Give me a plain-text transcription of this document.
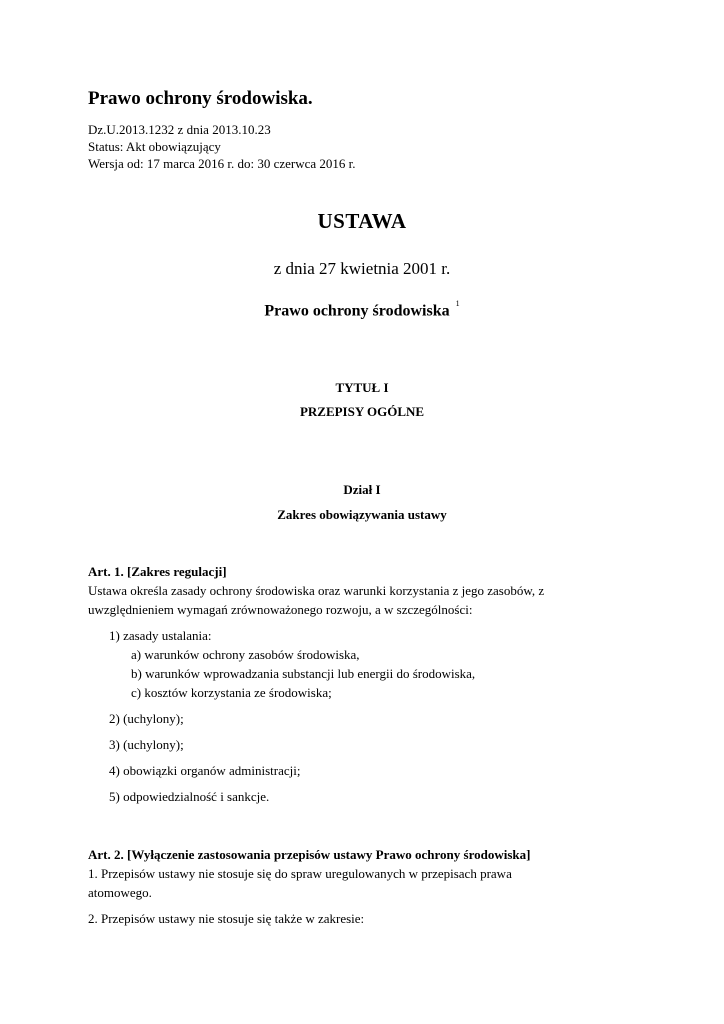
Prawo ochrony środowiska.
Dz.U.2013.1232 z dnia 2013.10.23
Status: Akt obowiązujący
Wersja od: 17 marca 2016 r. do: 30 czerwca 2016 r.
USTAWA
z dnia 27 kwietnia 2001 r.
Prawo ochrony środowiska $^1$
TYTUŁ I
PRZEPISY OGÓLNE
Dział I
Zakres obowiązywania ustawy
Art. 1. [Zakres regulacji]
Ustawa określa zasady ochrony środowiska oraz warunki korzystania z jego zasobów, z
uwzględnieniem wymagań zrównoważonego rozwoju, a w szczególności:
1) zasady ustalania:
a) warunków ochrony zasobów środowiska,
b) warunków wprowadzania substancji lub energii do środowiska,
c) kosztów korzystania ze środowiska;
2) (uchylony);
3) (uchylony);
4) obowiązki organów administracji;
5) odpowiedzialność i sankcje.
Art. 2. [Wyłączenie zastosowania przepisów ustawy Prawo ochrony środowiska]
1. Przepisów ustawy nie stosuje się do spraw uregulowanych w przepisach prawa
atomowego.
2. Przepisów ustawy nie stosuje się także w zakresie:
